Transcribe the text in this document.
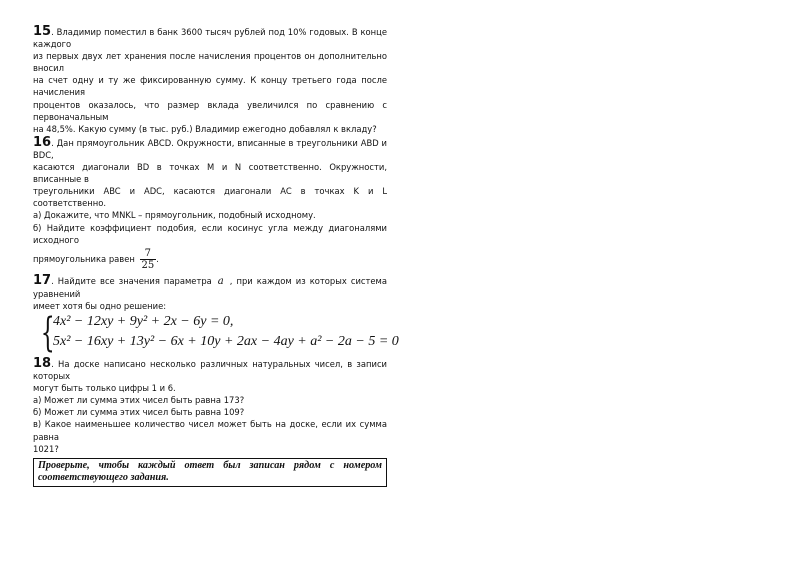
15. Владимир поместил в банк 3600 тысяч рублей под 10% годовых. В конце каждого
из первых двух лет хранения после начисления процентов он дополнительно вносил
на счет одну и ту же фиксированную сумму. К концу третьего года после начисления
процентов оказалось, что размер вклада увеличился по сравнению с первоначальным
на 48,5%. Какую сумму (в тыс. руб.) Владимир ежегодно добавлял к вкладу?
16. Дан прямоугольник ABCD. Окружности, вписанные в треугольники ABD и BDC,
касаются диагонали BD в точках M и N соответственно. Окружности, вписанные в
треугольники ABC и ADC, касаются диагонали AC в точках K и L соответственно.
а) Докажите, что MNKL – прямоугольник, подобный исходному.
б) Найдите коэффициент подобия, если косинус угла между диагоналями исходного
прямоугольника равен $\frac{7}{25}$ .
17. Найдите все значения параметра a , при каждом из которых система уравнений
имеет хотя бы одно решение:
{
4x² − 12xy + 9y² + 2x − 6y = 0,
5x² − 16xy + 13y² − 6x + 10y + 2ax − 4ay + a² − 2a − 5 = 0
18. На доске написано несколько различных натуральных чисел, в записи которых
могут быть только цифры 1 и 6.
а) Может ли сумма этих чисел быть равна 173?
б) Может ли сумма этих чисел быть равна 109?
в) Какое наименьшее количество чисел может быть на доске, если их сумма равна
1021?
Проверьте, чтобы каждый ответ был записан рядом с номером соответствующего задания.
